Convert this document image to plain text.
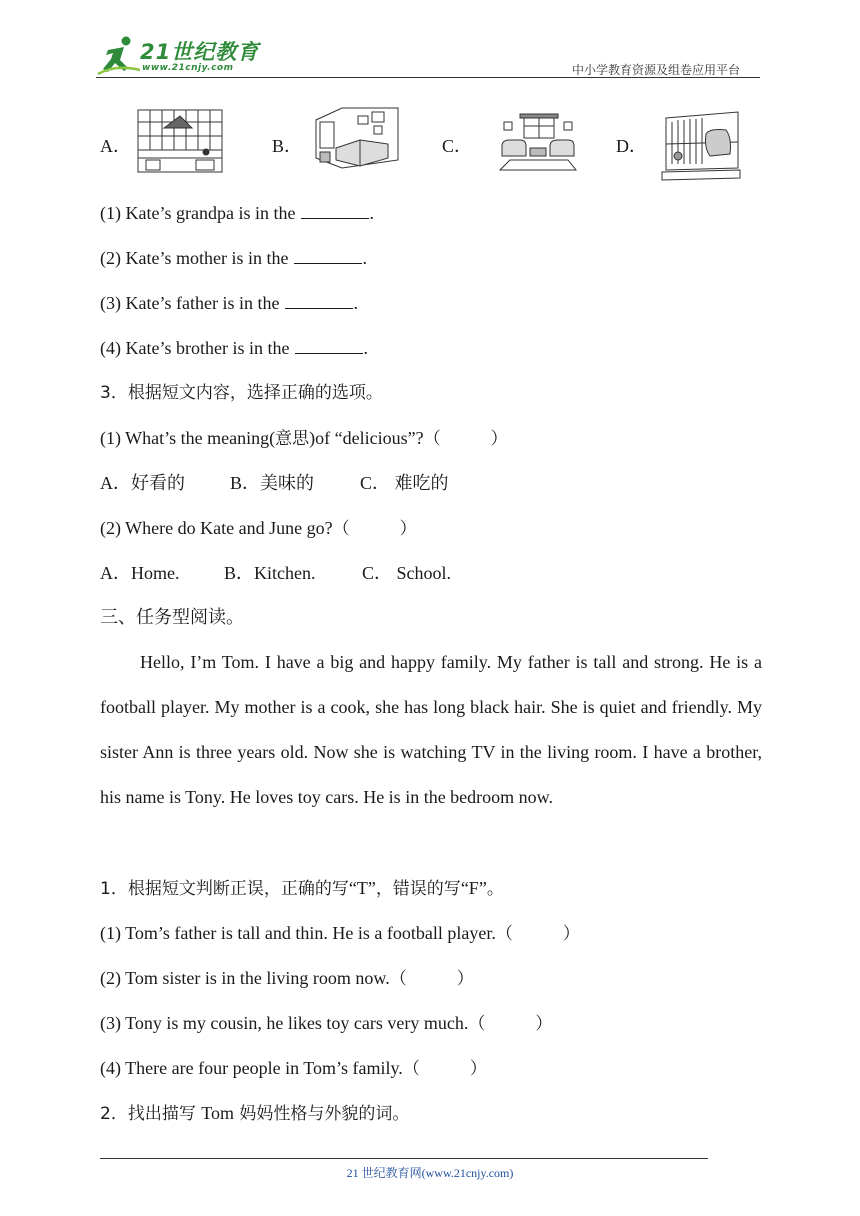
21世纪教育
www.21cnjy.com	中小学教育资源及组卷应用平台
A．	B．	C．	D．
(1) Kate’s grandpa is in the	.
(2) Kate’s mother is in the	.
(3) Kate’s father is in the	.
(4) Kate’s brother is in the	.
3．根据短文内容，选择正确的选项。
(1) What’s the meaning(意思)of “delicious”?（	）
A．好看的	B．美味的	C． 难吃的
(2) Where do Kate and June go?（	）
A．Home. B．Kitchen.	C． School.
三、任务型阅读。
Hello, I’m Tom. I have a big and happy family. My father is tall and strong. He is a football player. My mother is a cook, she has long black hair. She is quiet and friendly. My sister Ann is three years old. Now she is watching TV in the living room. I have a brother, his name is Tony. He loves toy cars. He is in the bedroom now.
1．根据短文判断正误，正确的写“T”，错误的写“F”。
(1) Tom’s father is tall and thin. He is a football player.（	）
(2) Tom sister is in the living room now.（	）
(3) Tony is my cousin, he likes toy cars very much.（	）
(4) There are four people in Tom’s family.（	）
2．找出描写 Tom 妈妈性格与外貌的词。
21 世纪教育网(www.21cnjy.com)
